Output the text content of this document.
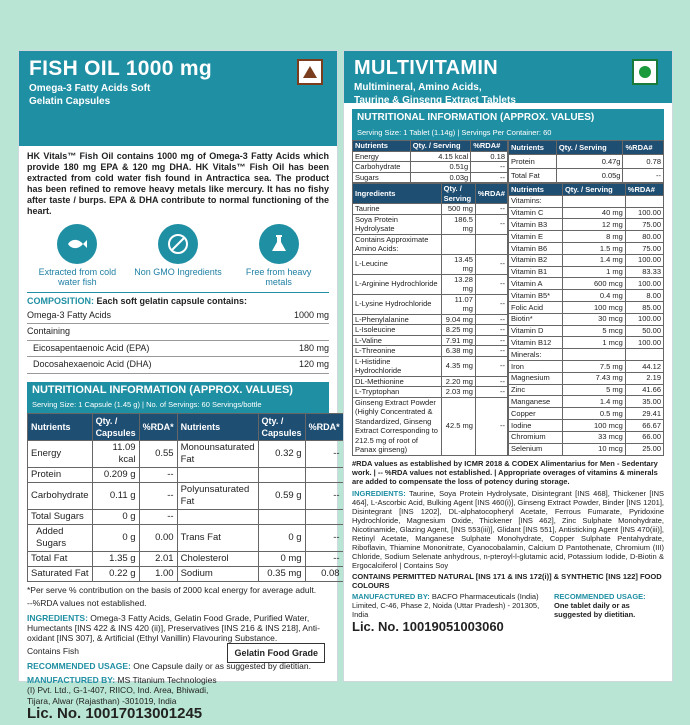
FISH OIL 1000 mg
Omega-3 Fatty Acids Soft
Gelatin Capsules
HK Vitals™ Fish Oil contains 1000 mg of Omega-3 Fatty Acids which provide 180 mg EPA & 120 mg DHA. HK Vitals™ Fish Oil has been extracted from cold water fish found in Antractica sea. The product has been refined to remove heavy metals like mercury. It has no fishy after taste / burps. EPA & DHA contribute to normal functioning of the heart.
Extracted from cold water fish
Non GMO Ingredients	Free from heavy metals
COMPOSITION: Each soft gelatin capsule contains:
Omega-3 Fatty Acids	1000 mg
Containing
Eicosapentaenoic Acid (EPA)	180 mg
Docosahexaenoic Acid (DHA)	120 mg
NUTRITIONAL INFORMATION (APPROX. VALUES)
Serving Size: 1 Capsule (1.45 g) | No. of Servings: 60 Servings/bottle
Nutrients	Qty. / Capsules	%RDA*	Nutrients	Qty. / Capsules	%RDA*
Energy	11.09 kcal	0.55	Monounsaturated Fat	0.32 g	--
Protein	0.209 g	--			
Carbohydrate	0.11 g	--	Polyunsaturated Fat	0.59 g	--
Total Sugars	0 g	--			
Added Sugars	0 g	0.00	Trans Fat	0 g	--
Total Fat	1.35 g	2.01	Cholesterol	0 mg	--
Saturated Fat	0.22 g	1.00	Sodium	0.35 mg	0.08
*Per serve % contribution on the basis of 2000 kcal energy for average adult.
--%RDA values not established.
INGREDIENTS: Omega-3 Fatty Acids, Gelatin Food Grade, Purified Water, Humectants [INS 422 & INS 420 (ii)], Preservatives [INS 216 & INS 218], Anti-oxidant [INS 307], & Artificial (Ethyl Vanillin) Flavouring Substance.
Contains Fish
RECOMMENDED USAGE: One Capsule daily or as suggested by dietitian.
MANUFACTURED BY: MS Titanium Technologies (I) Pvt. Ltd., G-1-407, RIICO, Ind. Area, Bhiwadi, Tijara, Alwar (Rajasthan) -301019, India
Lic. No. 10017013001245
Gelatin Food Grade
MULTIVITAMIN
Multimineral, Amino Acids,
Taurine & Ginseng Extract Tablets
NUTRITIONAL INFORMATION (APPROX. VALUES)
Serving Size: 1 Tablet (1.14g) | Servings Per Container: 60
Nutrients	Qty. / Serving	%RDA#
Energy	4.15 kcal	0.18
Carbohydrate	0.51g	--
Sugars	0.03g	--
Nutrients	Qty. / Serving	%RDA#
Protein	0.47g	0.78
Total Fat	0.05g	--
Ingredients	Qty. / Serving	%RDA#
Taurine	500 mg	--
Soya Protein Hydrolysate	186.5 mg	--
Contains Approximate Amino Acids:		
L-Leucine	13.45 mg	--
L-Arginine Hydrochloride	13.28 mg	--
L-Lysine Hydrochloride	11.07 mg	--
L-Phenylalanine	9.04 mg	--
L-Isoleucine	8.25 mg	--
L-Valine	7.91 mg	--
L-Threonine	6.38 mg	--
L-Histidine Hydrochloride	4.35 mg	--
DL-Methionine	2.20 mg	--
L-Tryptophan	2.03 mg	--
Ginseng Extract Powder (Highly Concentrated & Standardized, Ginseng Extract Corresponding to 212.5 mg of root of Panax ginseng)	42.5 mg	--
Nutrients	Qty. / Serving	%RDA#
Vitamins:		
Vitamin C	40 mg	100.00
Vitamin B3	12 mg	75.00
Vitamin E	8 mg	80.00
Vitamin B6	1.5 mg	75.00
Vitamin B2	1.4 mg	100.00
Vitamin B1	1 mg	83.33
Vitamin A	600 mcg	100.00
Vitamin B5*	0.4 mg	8.00
Folic Acid	100 mcg	85.00
Biotin*	30 mcg	100.00
Vitamin D	5 mcg	50.00
Vitamin B12	1 mcg	100.00
Minerals:		
Iron	7.5 mg	44.12
Magnesium	7.43 mg	2.19
Zinc	5 mg	41.66
Manganese	1.4 mg	35.00
Copper	0.5 mg	29.41
Iodine	100 mcg	66.67
Chromium	33 mcg	66.00
Selenium	10 mcg	25.00
#RDA values as established by ICMR 2018 & CODEX Alimentarius for Men - Sedentary work. | -- %RDA values not established. | Appropriate overages of vitamins & minerals are added to compensate the loss of potency during storage.
INGREDIENTS: Taurine, Soya Protein Hydrolysate, Disintegrant [INS 468], Thickener [INS 464], L-Ascorbic Acid, Bulking Agent [INS 460(i)], Ginseng Extract Powder, Binder [INS 1201], Disintegrant [INS 1202], DL-alphatocopheryl Acetate, Ferrous Fumarate, Pyridoxine Hydrochloride, Magnesium Oxide, Thickener [INS 462], Zinc Sulphate Monohydrate, Nicotinamide, Glazing Agent, [INS 553(iii)], Glidant [INS 551], Antisticking Agent [INS 470(iii)], Retinyl Acetate, Manganese Sulphate Monohydrate, Copper Sulphate Pentahydrate, Riboflavin, Thiamine Mononitrate, Cyanocobalamin, Calcium D Pantothenate, Chromium (III) Chloride, Sodium Selenate anhydrous, n-pteroyl-l-glutamic acid, Potassium Iodide, D-Biotin & Ergocalciferol | Contains Soy
CONTAINS PERMITTED NATURAL [INS 171 & INS 172(i)] & SYNTHETIC [INS 122] FOOD COLOURS
MANUFACTURED BY: BACFO Pharmaceuticals (India) Limited, C-46, Phase 2, Noida (Uttar Pradesh) - 201305, India
RECOMMENDED USAGE:
One tablet daily or as suggested by dietitian.
Lic. No. 10019051003060
